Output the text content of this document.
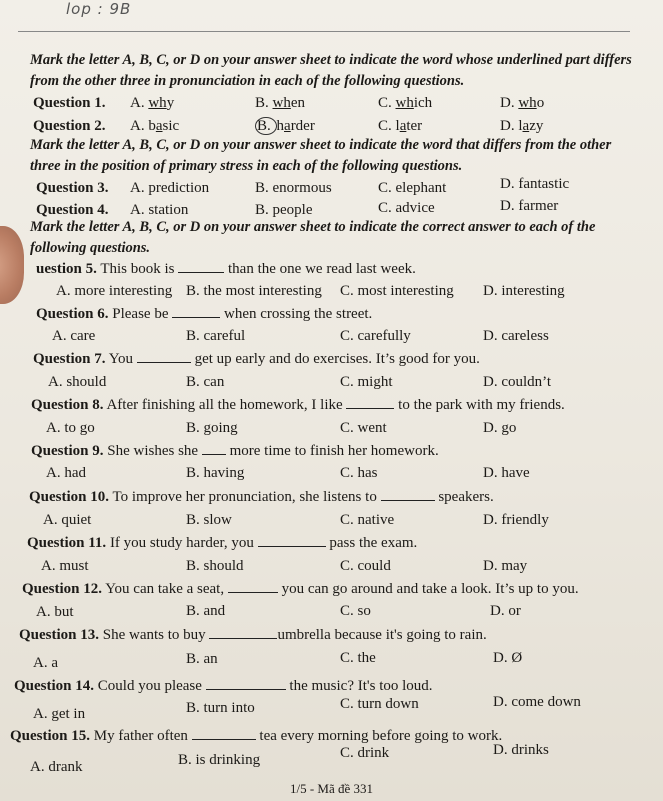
lop : 9B
Mark the letter A, B, C, or D on your answer sheet to indicate the word whose underlined part differs from the other three in pronunciation in each of the following questions.
Question 1. A. why	B. when	C. which	D. who
Question 2. A. basic	B. harder	C. later	D. lazy
Mark the letter A, B, C, or D on your answer sheet to indicate the word that differs from the other three in the position of primary stress in each of the following questions.
Question 3. A. prediction	B. enormous	C. elephant	D. fantastic
Question 4. A. station	B. people	C. advice	D. farmer
Mark the letter A, B, C, or D on your answer sheet to indicate the correct answer to each of the following questions.
uestion 5. This book is	than the one we read last week.
A. more interesting B. the most interesting C. most interesting D. interesting
Question 6. Please be	when crossing the street.
A. care	B. careful	C. carefully	D. careless
Question 7. You	get up early and do exercises. It’s good for you.
A. should	B. can	C. might	D. couldn’t
Question 8. After finishing all the homework, I like	to the park with my friends.
A. to go	B. going	C. went	D. go
Question 9. She wishes she more time to finish her homework.
A. had	B. having	C. has	D. have
Question 10. To improve her pronunciation, she listens to	speakers.
A. quiet	B. slow	C. native	D. friendly
Question 11. If you study harder, you	pass the exam.
A. must	B. should	C. could	D. may
Question 12. You can take a seat,	you can go around and take a look. It’s up to you.
A. but	B. and	C. so	D. or
Question 13. She wants to buy	umbrella because it's going to rain.
A. a	B. an	C. the	D. Ø
Question 14. Could you please	the music? It's too loud.
A. get in	B. turn into	C. turn down	D. come down
Question 15. My father often	tea every morning before going to work.
A. drank	B. is drinking	C. drink	D. drinks
1/5 - Mã đề 331
